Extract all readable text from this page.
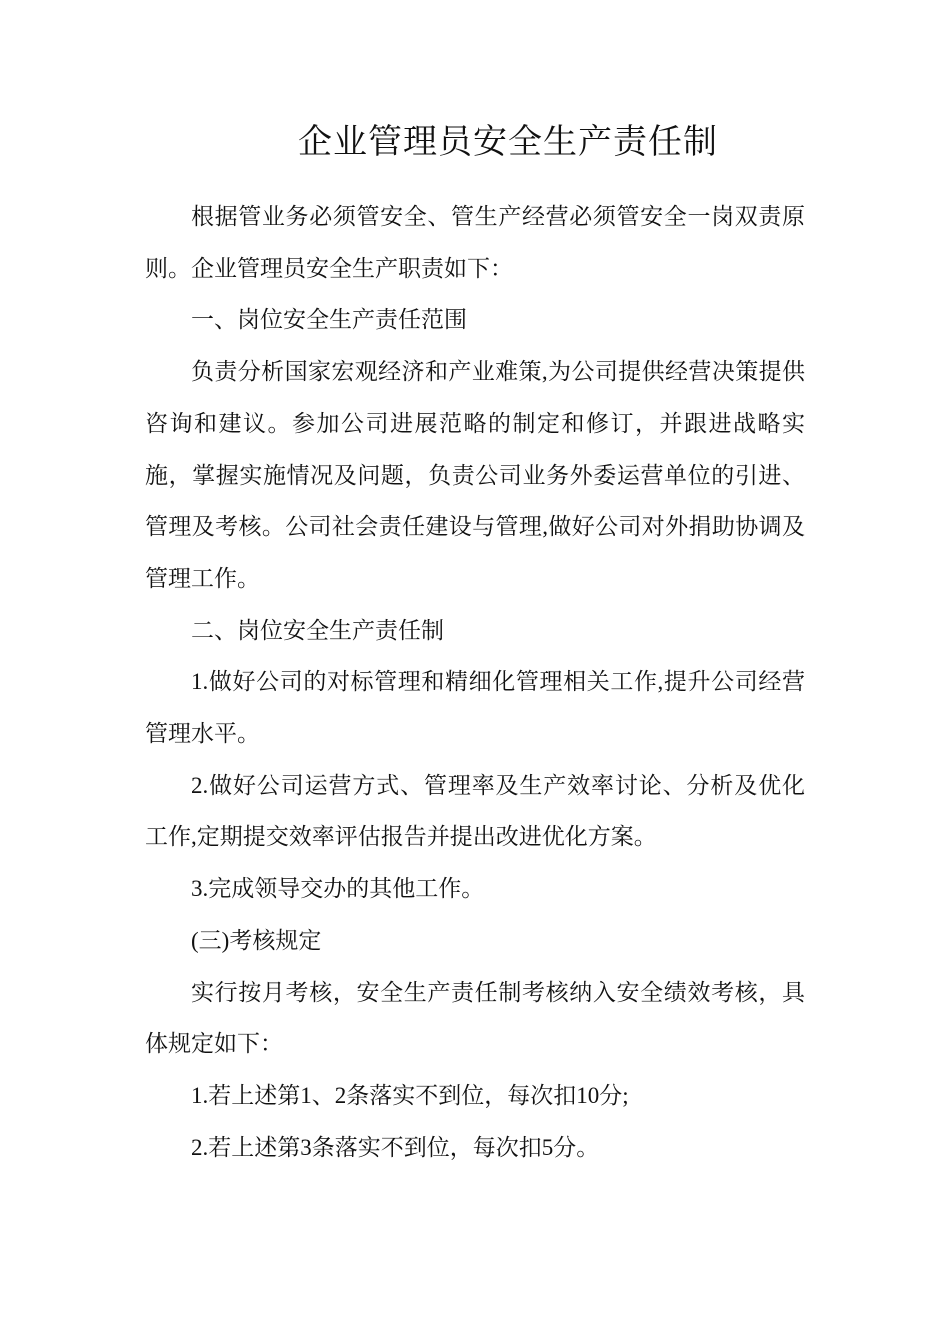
企业管理员安全生产责任制

根据管业务必须管安全、管生产经营必须管安全一岗双责原则。企业管理员安全生产职责如下：

一、岗位安全生产责任范围

负责分析国家宏观经济和产业难策,为公司提供经营决策提供咨询和建议。参加公司进展范略的制定和修订，并跟进战略实施，掌握实施情况及问题，负责公司业务外委运营单位的引进、管理及考核。公司社会责任建设与管理,做好公司对外捐助协调及管理工作。

二、岗位安全生产责任制

1.做好公司的对标管理和精细化管理相关工作,提升公司经营管理水平。

2.做好公司运营方式、管理率及生产效率讨论、分析及优化工作,定期提交效率评估报告并提出改进优化方案。

3.完成领导交办的其他工作。

(三)考核规定

实行按月考核，安全生产责任制考核纳入安全绩效考核，具体规定如下：

1.若上述第1、2条落实不到位，每次扣10分;

2.若上述第3条落实不到位，每次扣5分。
